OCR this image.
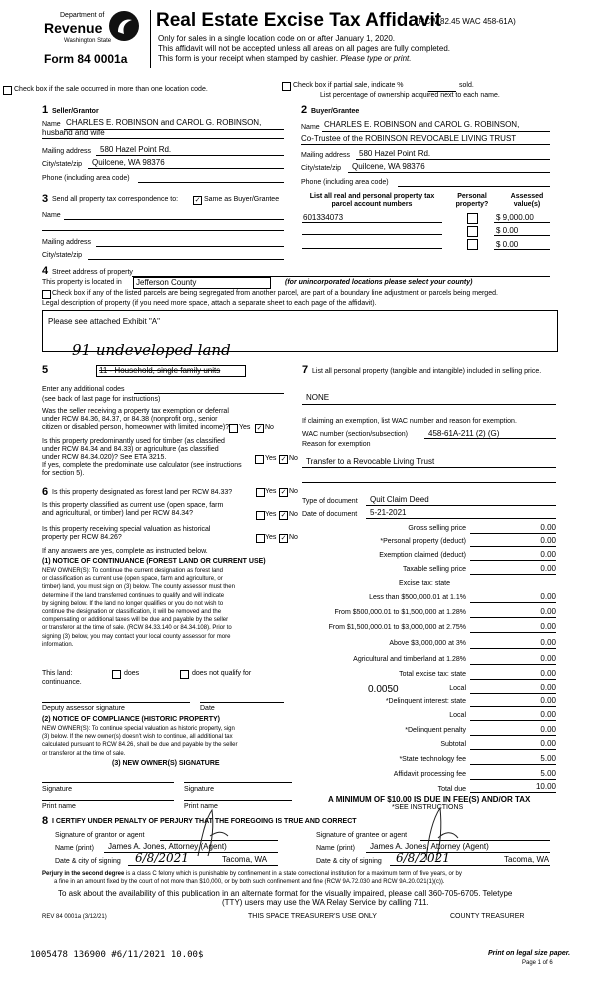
Department of
Revenue
Washington State
Form 84 0001a
Real Estate Excise Tax Affidavit
(RCW 82.45 WAC 458-61A)
Only for sales in a single location code on or after January 1, 2020.
This affidavit will not be accepted unless all areas on all pages are fully completed.
This form is your receipt when stamped by cashier. Please type or print.
Check box if the sale occurred in more than one location code.
Check box if partial sale, indicate %	sold.
List percentage of ownership acquired next to each name.
1 Seller/Grantor
Name CHARLES E. ROBINSON and CAROL G. ROBINSON,
husband and wife
Mailing address 580 Hazel Point Rd.
City/state/zip Quilcene, WA 98376
Phone (including area code)
2 Buyer/Grantee
Name CHARLES E. ROBINSON and CAROL G. ROBINSON,
Co-Trustee of the ROBINSON REVOCABLE LIVING TRUST
Mailing address 580 Hazel Point Rd.
City/state/zip Quilcene, WA 98376
Phone (including area code)
3 Send all property tax correspondence to: ✓	Same as Buyer/Grantee
Name
Mailing address
City/state/zip
List all real and personal property tax parcel account numbers
Personal property?
Assessed value(s)
601334073	$ 9,000.00
$ 0.00
$ 0.00
4 Street address of property
This property is located in Jefferson County	(for unincorporated locations please select your county)
Check box if any of the listed parcels are being segregated from another parcel, are part of a boundary line adjustment or parcels being merged.
Legal description of property (if you need more space, attach a separate sheet to each page of the affidavit).
Please see attached Exhibit "A"
91 undeveloped land
5	11 - Household, single family units
Enter any additional codes
(see back of last page for instructions)
Was the seller receiving a property tax exemption or deferral
under RCW 84.36, 84.37, or 84.38 (nonprofit org., senior
citizen or disabled person, homeowner with limited income)? Yes ✓ No
Is this property predominantly used for timber (as classified
under RCW 84.34 and 84.33) or agriculture (as classified
under RCW 84.34.020)? See ETA 3215.	Yes ✓ No
If yes, complete the predominate use calculator (see instructions
for section 5).
6 Is this property designated as forest land per RCW 84.33?	Yes ✓ No
Is this property classified as current use (open space, farm
and agricultural, or timber) land per RCW 84.34?	Yes ✓ No
Is this property receiving special valuation as historical
property per RCW 84.26?	Yes ✓ No
If any answers are yes, complete as instructed below.
(1) NOTICE OF CONTINUANCE (FOREST LAND OR CURRENT USE)
NEW OWNER(S): To continue the current designation as forest land
or classification as current use (open space, farm and agriculture, or
timber) land, you must sign on (3) below. The county assessor must then
determine if the land transferred continues to qualify and will indicate
by signing below. If the land no longer qualifies or you do not wish to
continue the designation or classification, it will be removed and the
compensating or additional taxes will be due and payable by the seller
or transferor at the time of sale. (RCW 84.33.140 or 84.34.108). Prior to
signing (3) below, you may contact your local county assessor for more
information.
This land:
continuance.
does	does not qualify for
Deputy assessor signature	Date
(2) NOTICE OF COMPLIANCE (HISTORIC PROPERTY)
NEW OWNER(S): To continue special valuation as historic property, sign
(3) below. If the new owner(s) doesn't wish to continue, all additional tax
calculated pursuant to RCW 84.26, shall be due and payable by the seller
or transferor at the time of sale.
(3) NEW OWNER(S) SIGNATURE
Signature	Signature
Print name	Print name
7 List all personal property (tangible and intangible) included in selling price.
NONE
If claiming an exemption, list WAC number and reason for exemption.
WAC number (section/subsection)	458-61A-211 (2) (G)
Reason for exemption
Transfer to a Revocable Living Trust
Type of document Quit Claim Deed
Date of document 5-21-2021
Gross selling price	0.00
*Personal property (deduct)	0.00
Exemption claimed (deduct)	0.00
Taxable selling price	0.00
Excise tax: state
Less than $500,000.01 at 1.1%	0.00
From $500,000.01 to $1,500,000 at 1.28%	0.00
From $1,500,000.01 to $3,000,000 at 2.75%	0.00
Above $3,000,000 at 3%	0.00
Agricultural and timberland at 1.28%	0.00
Total excise tax: state	0.00
0.0050	Local	0.00
*Delinquent interest: state	0.00
Local	0.00
*Delinquent penalty	0.00
Subtotal	0.00
*State technology fee	5.00
Affidavit processing fee	5.00
Total due	10.00
A MINIMUM OF $10.00 IS DUE IN FEE(S) AND/OR TAX
*SEE INSTRUCTIONS
8 I CERTIFY UNDER PENALTY OF PERJURY THAT THE FOREGOING IS TRUE AND CORRECT
Signature of grantor or agent
Name (print) James A. Jones, Attorney (Agent)
Date & city of signing 6/8/2021	Tacoma, WA
Signature of grantee or agent
Name (print) James A. Jones, Attorney (Agent)
Date & city of signing 6/8/2021	Tacoma, WA
Perjury in the second degree is a class C felony which is punishable by confinement in a state correctional institution for a maximum term of five years, or by
a fine in an amount fixed by the court of not more than $10,000, or by both such confinement and fine (RCW 9A.72.030 and RCW 9A.20.021(1)(c)).
To ask about the availability of this publication in an alternate format for the visually impaired, please call 360-705-6705. Teletype
(TTY) users may use the WA Relay Service by calling 711.
REV 84 0001a (3/12/21)	THIS SPACE TREASURER'S USE ONLY	COUNTY TREASURER
1005478 136900 #6/11/2021 10.00$	Print on legal size paper.
Page 1 of 6
